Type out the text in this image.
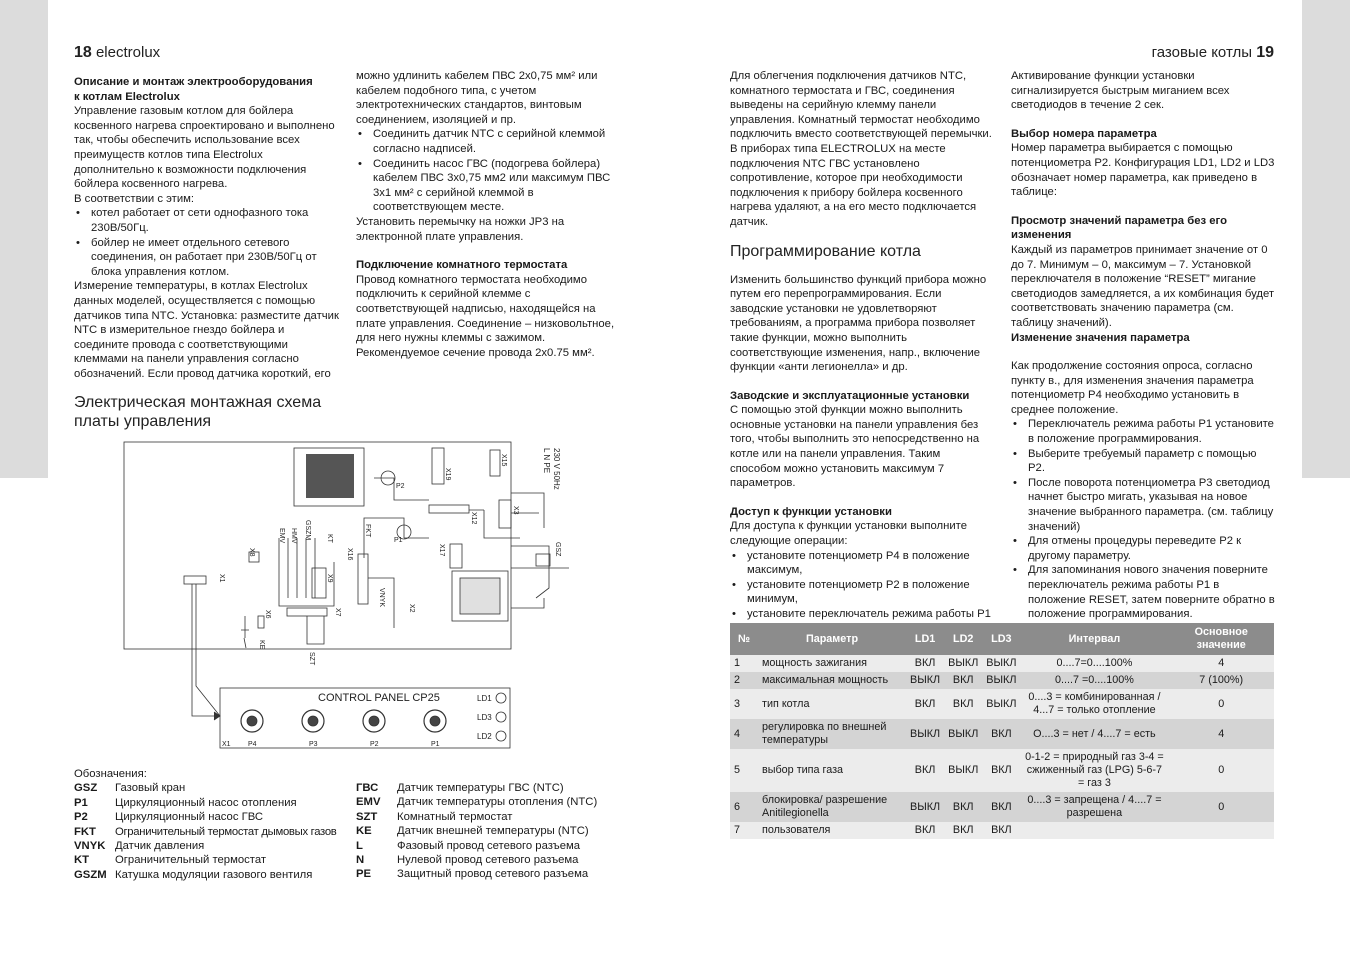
18 electrolux	газовые котлы 19
Описание и монтаж электрооборудования
к котлам Electrolux

Управление газовым котлом для бойлера косвенного нагрева спроектировано и выполнено так, чтобы обеспечить использование всех преимуществ котлов типа Electrolux дополнительно к возможности подключения бойлера косвенного нагрева.

В соответствии с этим:

• котел работает от сети однофазного тока 230В/50Гц.
• бойлер не имеет отдельного сетевого соединения, он работает при 230В/50Гц от блока управления котлом.

Измерение температуры, в котлах Electrolux данных моделей, осуществляется с помощью датчиков типа NTC. Установка: разместите датчик NTC в измерительное гнездо бойлера и соедините провода с соответствующими клеммами на панели управления согласно обозначений. Если провод датчика короткий, его

можно удлинить кабелем ПВС 2х0,75 мм² или кабелем подобного типа, с учетом электротехнических стандартов, винтовым соединением, изоляцией и пр.

• Соединить датчик NTC с серийной клеммой согласно надписей.
• Соединить насос ГВС (подогрева бойлера) кабелем ПВС 3х0,75 мм2 или максимум ПВС 3х1 мм² с серийной клеммой в соответствующем месте.

Установить перемычку на ножки JP3 на электронной плате управления.

Подключение комнатного термостата

Провод комнатного термостата необходимо подключить к серийной клемме с соответствующей надписью, находящейся на плате управления. Соединение – низковольтное, для него нужны клеммы с зажимом. Рекомендуемое сечение провода 2х0.75 мм².

Электрическая монтажная схема платы управления
CONTROL PANEL CP25	LD1
LD3
LD2
P4	P3	P2	P1
X1
230 V 50Hz
L N PE
X15
X19
X12
X3
X17
X16
X8
X9
X1
X6	X7	X2
GSZ
P1
P2
FKT
EMV HMV GSZM KT
VNYK
SZT
KE
Обозначения:
GSZ	Газовый кран
P1	Циркуляционный насос отопления
P2	Циркуляционный насос ГВС
FKT	Ограничительный термостат дымовых газов
VNYK Датчик давления
KT	Ограничительный термостат
GSZM Катушка модуляции газового вентиля
ГВС	Датчик температуры ГВС (NTC)
EMV	Датчик температуры отопления (NTC)
SZT	Комнатный термостат
KE	Датчик внешней температуры (NTC)
L	Фазовый провод сетевого разъема
N	Нулевой провод сетевого разъема
PE	Защитный провод сетевого разъема

Для облегчения подключения датчиков NTC, комнатного термостата и ГВС, соединения выведены на серийную клемму панели управления. Комнатный термостат необходимо подключить вместо соответствующей перемычки. В приборах типа ELECTROLUX на месте подключения NTC ГВС установлено сопротивление, которое при необходимости подключения к прибору бойлера косвенного нагрева удаляют, а на его место подключается датчик.

Программирование котла

Изменить большинство функций прибора можно путем его перепрограммирования. Если заводские установки не удовлетворяют требованиям, а программа прибора позволяет такие функции, можно выполнить соответствующие изменения, напр., включение функции «анти легионелла» и др.

Заводские и эксплуатационные установки

С помощью этой функции можно выполнить основные установки на панели управления без того, чтобы выполнить это непосредственно на котле или на панели управления. Таким способом можно установить максимум 7 параметров.

Доступ к функции установки

Для доступа к функции установки выполните следующие операции:

• установите потенциометр P4 в положение максимум,
• установите потенциометр P2 в положение минимум,
• установите переключатель режима работы P1

Активирование функции установки сигнализируется быстрым миганием всех светодиодов в течение 2 сек.

Выбор номера параметра

Номер параметра выбирается с помощью потенциометра P2. Конфигурация LD1, LD2 и LD3 обозначает номер параметра, как приведено в таблице:

Просмотр значений параметра без его изменения

Каждый из параметров принимает значение от 0 до 7. Минимум – 0, максимум – 7. Установкой переключателя в положение “RESET” мигание светодиодов замедляется, а их комбинация будет соответствовать значению параметра (см. таблицу значений).

Изменение значения параметра

Как продолжение состояния опроса, согласно пункту в., для изменения значения параметра потенциометр P4 необходимо установить в среднее положение.

• Переключатель режима работы P1 установите в положение программирования.
• Выберите требуемый параметр с помощью P2.
• После поворота потенциометра P3 светодиод начнет быстро мигать, указывая на новое значение выбранного параметра. (см. таблицу значений)
• Для отмены процедуры переведите P2 к другому параметру.
• Для запоминания нового значения поверните переключатель режима работы P1 в положение RESET, затем поверните обратно в положение программирования.
№	Параметр	LD1	LD2	LD3	Интервал	Основное значение
1	мощность зажигания	ВКЛ	ВЫКЛ	ВЫКЛ	0....7=0....100%	4
2	максимальная мощность	ВЫКЛ	ВКЛ	ВЫКЛ	0....7 =0....100%	7 (100%)
3	тип котла	ВКЛ	ВКЛ	ВЫКЛ	0....3 = комбинированная / 4...7 = только отопление	0
4	регулировка по внешней температуры	ВЫКЛ	ВЫКЛ	ВКЛ	О....3 = нет / 4....7 = есть	4
5	выбор типа газа	ВКЛ	ВЫКЛ	ВКЛ	0-1-2 = природный газ 3-4 = сжиженный газ (LPG) 5-6-7 = газ 3	0
6	блокировка/ разрешение Anitilegionella	ВЫКЛ	ВКЛ	ВКЛ	0....3 = запрещена / 4....7 = разрешена	0
7	пользователя	ВКЛ	ВКЛ	ВКЛ		
